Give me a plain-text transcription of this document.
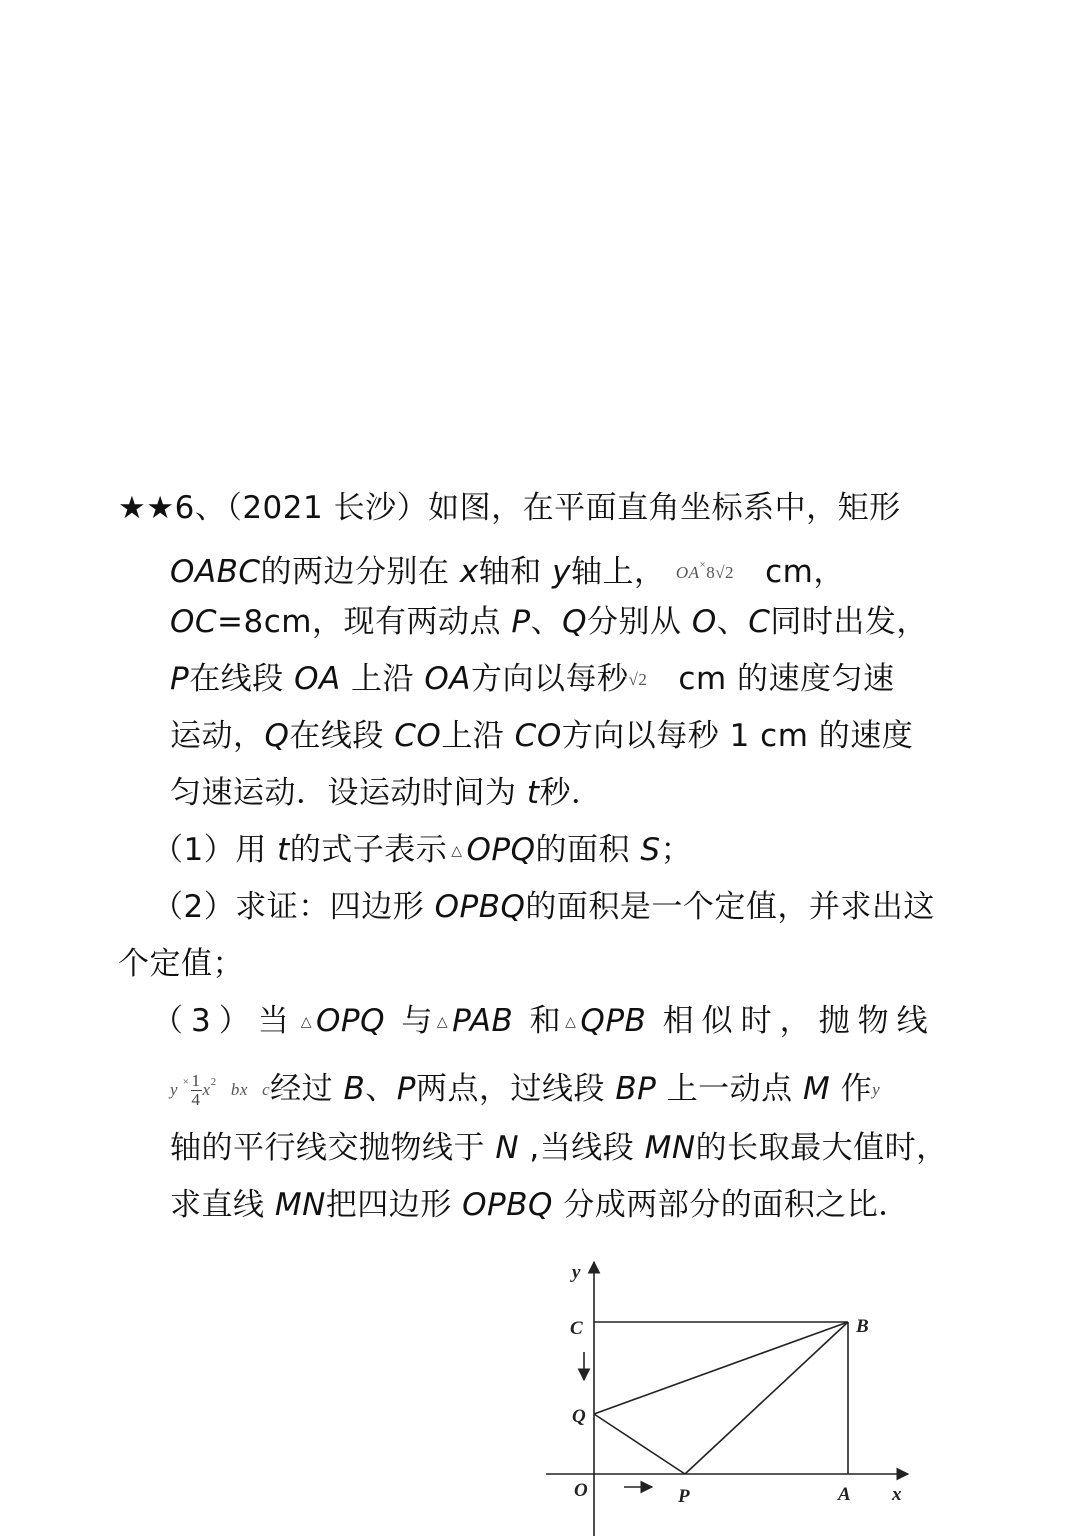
★★6、（2021 长沙）如图，在平面直角坐标系中，矩形
OABC的两边分别在 x轴和 y轴上， OA×8√2 cm，
OC=8cm，现有两动点 P、Q分别从 O、C同时出发，
P在线段 OA 上沿 OA方向以每秒√2 cm 的速度匀速
运动，Q在线段 CO上沿 CO方向以每秒 1 cm 的速度
匀速运动．设运动时间为 t秒．
（1）用 t的式子表示 △ OPQ的面积 S；
（2）求证：四边形 OPBQ的面积是一个定值，并求出这
个定值；
（3）当 △ OPQ 与 △ PAB 和 △ QPB 相似时，抛物线
y $^\times \frac{1}{4} x^2$ bx c经过 B、P两点，过线段 BP 上一动点 M 作y
轴的平行线交抛物线于 N ,当线段 MN的长取最大值时，
求直线 MN把四边形 OPBQ 分成两部分的面积之比．
y
C	B
Q
O	P	A x
